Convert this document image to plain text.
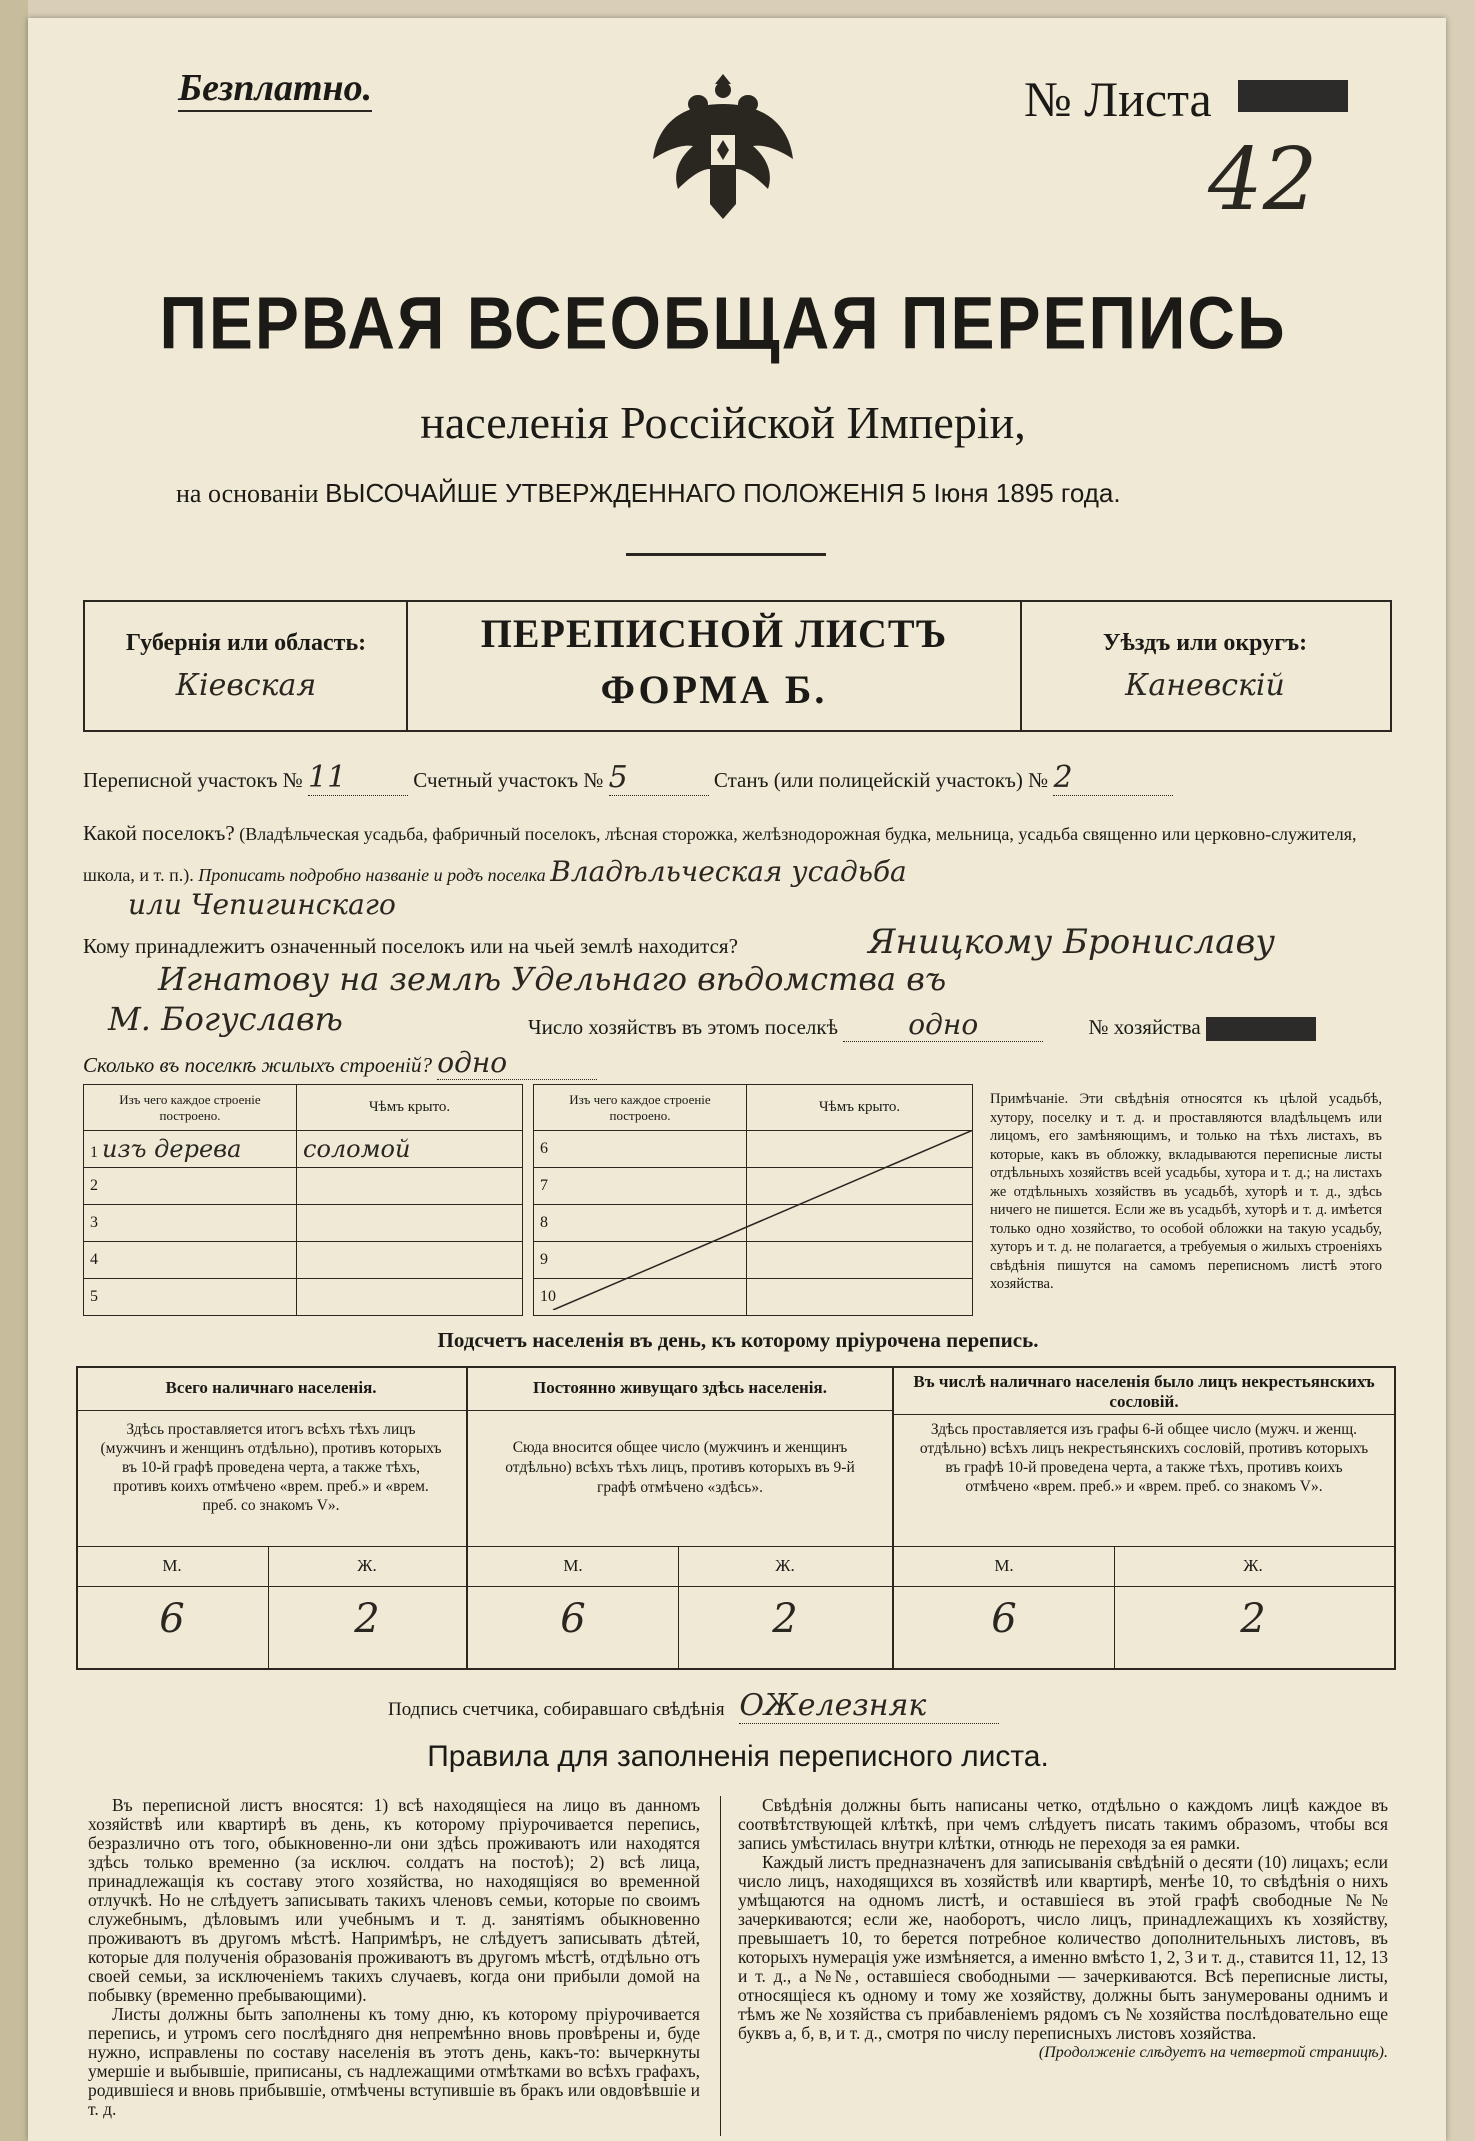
Безплатно.	№ Листа
42
ПЕРВАЯ ВСЕОБЩАЯ ПЕРЕПИСЬ
населенія Россійской Имперіи,
на основаніи ВЫСОЧАЙШЕ УТВЕРЖДЕННАГО ПОЛОЖЕНІЯ 5 Іюня 1895 года.
Губернія или область:
Кіевская
ПЕРЕПИСНОЙ ЛИСТЪ
ФОРМА Б.
Уѣздъ или округъ:
Каневскій
Переписной участокъ № 11	Счетный участокъ № 5	Станъ (или полицейскій участокъ) № 2
Какой поселокъ? (Владѣльческая усадьба, фабричный поселокъ, лѣсная сторожка, желѣзнодорожная будка, мельница, усадьба священно или церковно-служителя, школа, и т. п.). Прописать подробно названіе и родъ поселка Владѣльческая усадьба
или Чепигинскаго
Кому принадлежитъ означенный поселокъ или на чьей землѣ находится?	Яницкому Брониславу
Игнатову на землѣ Удельнаго вѣдомства въ
М. Богуславѣ	Число хозяйствъ въ этомъ поселкѣ	одно	№ хозяйства 1
Сколько въ поселкѣ жилыхъ строеній? одно
Изъ чего каждое строеніе построено.	Чѣмъ крыто.
1 изъ дерева	соломой
2	
3	
4	
5	
Изъ чего каждое строеніе построено.	Чѣмъ крыто.
6	
7	
8	
9	
10	
Примѣчаніе. Эти свѣдѣнія относятся къ цѣлой усадьбѣ, хутору, поселку и т. д. и проставляются владѣльцемъ или лицомъ, его замѣняющимъ, и только на тѣхъ листахъ, въ которые, какъ въ обложку, вкладываются переписные листы отдѣльныхъ хозяйствъ всей усадьбы, хутора и т. д.; на листахъ же отдѣльныхъ хозяйствъ въ усадьбѣ, хуторѣ и т. д., здѣсь ничего не пишется. Если же въ усадьбѣ, хуторѣ и т. д. имѣется только одно хозяйство, то особой обложки на такую усадьбу, хуторъ и т. д. не полагается, а требуемыя о жилыхъ строеніяхъ свѣдѣнія пишутся на самомъ переписномъ листѣ этого хозяйства.
Подсчетъ населенія въ день, къ которому пріурочена перепись.
Всего наличнаго населенія.
Здѣсь проставляется итогъ всѣхъ тѣхъ лицъ (мужчинъ и женщинъ отдѣльно), противъ которыхъ въ 10-й графѣ проведена черта, а также тѣхъ, противъ коихъ отмѣчено «врем. преб.» и «врем. преб. со знакомъ V».
Постоянно живущаго здѣсь населенія.
Сюда вносится общее число (мужчинъ и женщинъ отдѣльно) всѣхъ тѣхъ лицъ, противъ которыхъ въ 9-й графѣ отмѣчено «здѣсь».
Въ числѣ наличнаго населенія было лицъ некрестьянскихъ сословій.
Здѣсь проставляется изъ графы 6-й общее число (мужч. и женщ. отдѣльно) всѣхъ лицъ некрестьянскихъ сословій, противъ которыхъ въ графѣ 10-й проведена черта, а также тѣхъ, противъ коихъ отмѣчено «врем. преб.» и «врем. преб. со знакомъ V».
М.	Ж.	М.	Ж.	М.	Ж.
6	2	6	2	6	2
Подпись счетчика, собиравшаго свѣдѣнія ОЖелезняк
Правила для заполненія переписного листа.
Въ переписной листъ вносятся: 1) всѣ находящіеся на лицо въ данномъ хозяйствѣ или квартирѣ въ день, къ которому пріурочивается перепись, безразлично отъ того, обыкновенно-ли они здѣсь проживаютъ или находятся здѣсь только временно (за исключ. солдатъ на постоѣ); 2) всѣ лица, принадлежащія къ составу этого хозяйства, но находящіяся во временной отлучкѣ. Но не слѣдуетъ записывать такихъ членовъ семьи, которые по своимъ служебнымъ, дѣловымъ или учебнымъ и т. д. занятіямъ обыкновенно проживаютъ въ другомъ мѣстѣ. Напримѣръ, не слѣдуетъ записывать дѣтей, которые для полученія образованія проживаютъ въ другомъ мѣстѣ, отдѣльно отъ своей семьи, за исключеніемъ такихъ случаевъ, когда они прибыли домой на побывку (временно пребывающими).
Листы должны быть заполнены къ тому дню, къ которому пріурочивается перепись, и утромъ сего послѣдняго дня непремѣнно вновь провѣрены и, буде нужно, исправлены по составу населенія въ этотъ день, какъ-то: вычеркнуты умершіе и выбывшіе, приписаны, съ надлежащими отмѣтками во всѣхъ графахъ, родившіеся и вновь прибывшіе, отмѣчены вступившіе въ бракъ или овдовѣвшіе и т. д.
Свѣдѣнія должны быть написаны четко, отдѣльно о каждомъ лицѣ каждое въ соотвѣтствующей клѣткѣ, при чемъ слѣдуетъ писать такимъ образомъ, чтобы вся запись умѣстилась внутри клѣтки, отнюдь не переходя за ея рамки.
Каждый листъ предназначенъ для записыванія свѣдѣній о десяти (10) лицахъ; если число лицъ, находящихся въ хозяйствѣ или квартирѣ, менѣе 10, то свѣдѣнія о нихъ умѣщаются на одномъ листѣ, и оставшіеся въ этой графѣ свободные №№ зачеркиваются; если же, наоборотъ, число лицъ, принадлежащихъ къ хозяйству, превышаетъ 10, то берется потребное количество дополнительныхъ листовъ, въ которыхъ нумерація уже измѣняется, а именно вмѣсто 1, 2, 3 и т. д., ставится 11, 12, 13 и т. д., а №№, оставшіеся свободными — зачеркиваются. Всѣ переписные листы, относящіеся къ одному и тому же хозяйству, должны быть занумерованы однимъ и тѣмъ же № хозяйства съ прибавленіемъ рядомъ съ № хозяйства послѣдовательно еще буквъ а, б, в, и т. д., смотря по числу переписныхъ листовъ хозяйства.
(Продолженіе слѣдуетъ на четвертой страницѣ).
